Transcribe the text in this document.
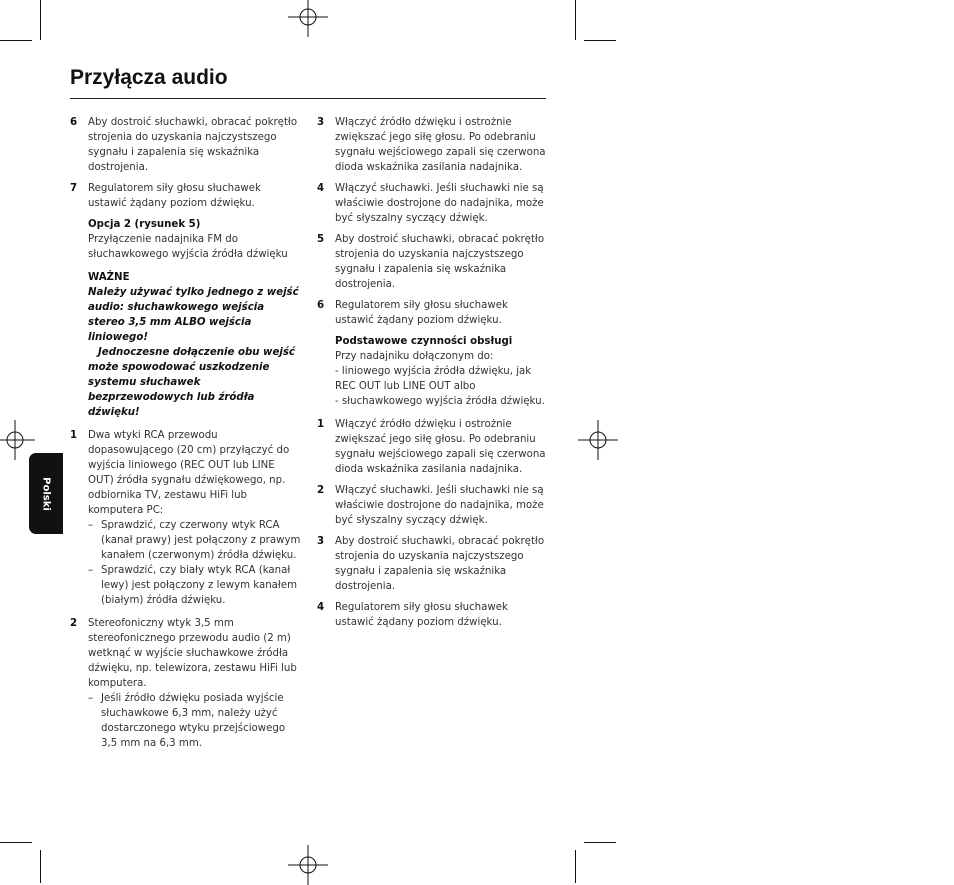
Przyłącza audio
Polski
6 Aby dostroić słuchawki, obracać pokrętło strojenia do uzyskania najczystszego sygnału i zapalenia się wskaźnika dostrojenia.
7 Regulatorem siły głosu słuchawek ustawić żądany poziom dźwięku.
Opcja 2 (rysunek 5)
Przyłączenie nadajnika FM do słuchawkowego wyjścia źródła dźwięku
WAŻNE
Należy używać tylko jednego z wejść audio: słuchawkowego wejścia stereo 3,5 mm ALBO wejścia liniowego!
Jednoczesne dołączenie obu wejść może spowodować uszkodzenie systemu słuchawek bezprzewodowych lub źródła dźwięku!
1 Dwa wtyki RCA przewodu dopasowującego (20 cm) przyłączyć do wyjścia liniowego (REC OUT lub LINE OUT) źródła sygnału dźwiękowego, np. odbiornika TV, zestawu HiFi lub komputera PC:
– Sprawdzić, czy czerwony wtyk RCA (kanał prawy) jest połączony z prawym kanałem (czerwonym) źródła dźwięku.
– Sprawdzić, czy biały wtyk RCA (kanał lewy) jest połączony z lewym kanałem (białym) źródła dźwięku.
2 Stereofoniczny wtyk 3,5 mm stereofonicznego przewodu audio (2 m) wetknąć w wyjście słuchawkowe źródła dźwięku, np. telewizora, zestawu HiFi lub komputera.
– Jeśli źródło dźwięku posiada wyjście słuchawkowe 6,3 mm, należy użyć dostarczonego wtyku przejściowego 3,5 mm na 6,3 mm.
3 Włączyć źródło dźwięku i ostrożnie zwiększać jego siłę głosu. Po odebraniu sygnału wejściowego zapali się czerwona dioda wskaźnika zasilania nadajnika.
4 Włączyć słuchawki. Jeśli słuchawki nie są właściwie dostrojone do nadajnika, może być słyszalny syczący dźwięk.
5 Aby dostroić słuchawki, obracać pokrętło strojenia do uzyskania najczystszego sygnału i zapalenia się wskaźnika dostrojenia.
6 Regulatorem siły głosu słuchawek ustawić żądany poziom dźwięku.
Podstawowe czynności obsługi
Przy nadajniku dołączonym do:
- liniowego wyjścia źródła dźwięku, jak REC OUT lub LINE OUT albo
- słuchawkowego wyjścia źródła dźwięku.
1 Włączyć źródło dźwięku i ostrożnie zwiększać jego siłę głosu. Po odebraniu sygnału wejściowego zapali się czerwona dioda wskaźnika zasilania nadajnika.
2 Włączyć słuchawki. Jeśli słuchawki nie są właściwie dostrojone do nadajnika, może być słyszalny syczący dźwięk.
3 Aby dostroić słuchawki, obracać pokrętło strojenia do uzyskania najczystszego sygnału i zapalenia się wskaźnika dostrojenia.
4 Regulatorem siły głosu słuchawek ustawić żądany poziom dźwięku.
